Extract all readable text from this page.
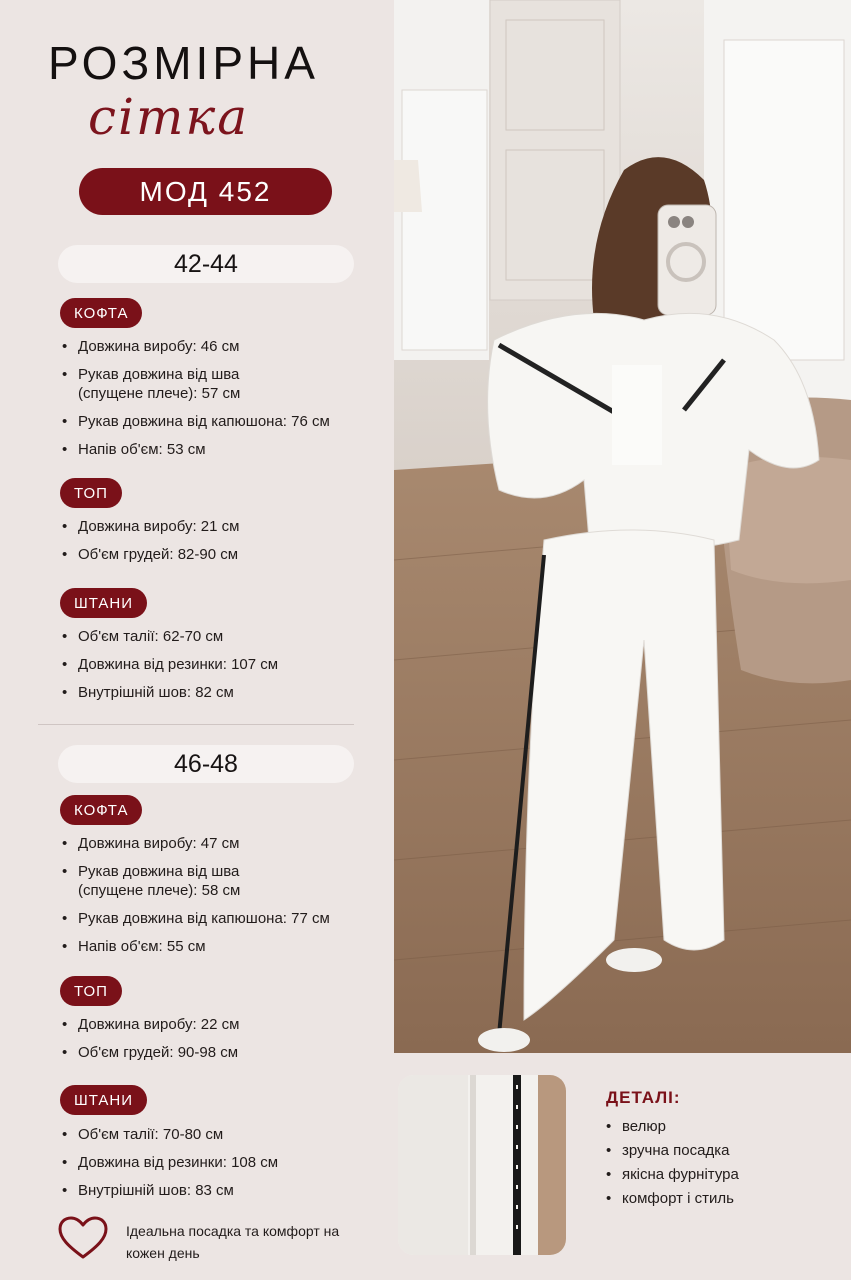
РОЗМІРНА
сітка
МОД 452
42-44
КОФТА
• Довжина виробу: 46 см
• Рукав довжина від шва
(спущене плече): 57 см
• Рукав довжина від капюшона: 76 см
• Напів об'єм: 53 см
ТОП
• Довжина виробу: 21 см
• Об'єм грудей: 82-90 см
ШТАНИ
• Об'єм талії: 62-70 см
• Довжина від резинки: 107 см
• Внутрішній шов: 82 см
46-48
КОФТА
• Довжина виробу: 47 см
• Рукав довжина від шва
(спущене плече): 58 см
• Рукав довжина від капюшона: 77 см
• Напів об'єм: 55 см
ТОП
• Довжина виробу: 22 см
• Об'єм грудей: 90-98 см
ШТАНИ
• Об'єм талії: 70-80 см
• Довжина від резинки: 108 см
• Внутрішній шов: 83 см
ДЕТАЛІ:
• велюр
• зручна посадка
• якісна фурнітура
• комфорт і стиль
Ідеальна посадка та комфорт на кожен день
